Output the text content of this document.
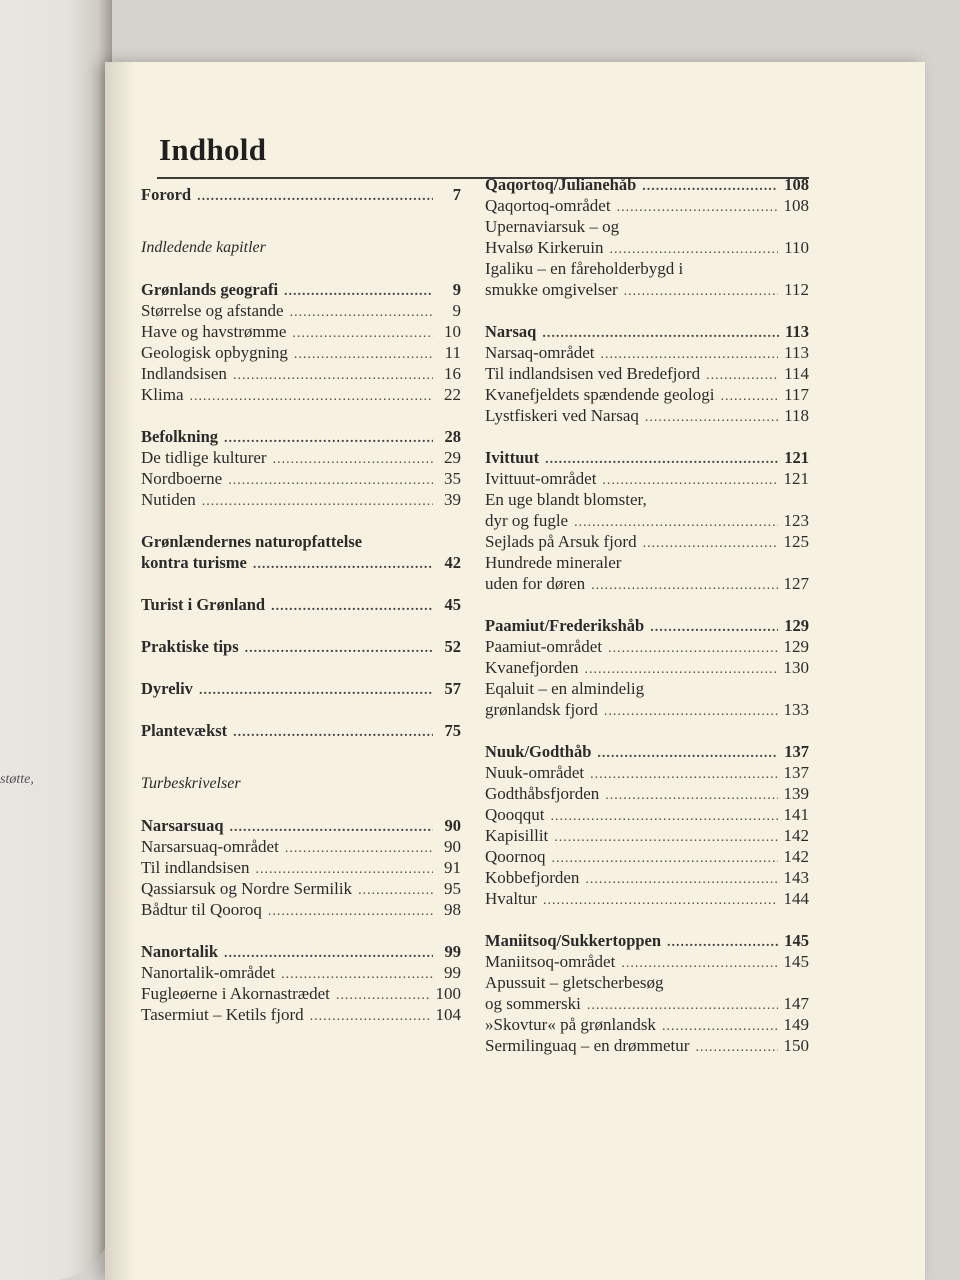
støtte,
Indhold
Forord .....	7
Indledende kapitler
Grønlands geografi .....	9
Størrelse og afstande .....	9
Have og havstrømme .....	10
Geologisk opbygning .....	11
Indlandsisen .....	16
Klima .....	22
Befolkning .....	28
De tidlige kulturer .....	29
Nordboerne .....	35
Nutiden .....	39
Grønlændernes naturopfattelse
kontra turisme .....	42
Turist i Grønland .....	45
Praktiske tips .....	52
Dyreliv .....	57
Plantevækst .....	75
Turbeskrivelser
Narsarsuaq .....	90
Narsarsuaq-området .....	90
Til indlandsisen .....	91
Qassiarsuk og Nordre Sermilik .....	95
Bådtur til Qooroq .....	98
Nanortalik .....	99
Nanortalik-området .....	99
Fugleøerne i Akornastrædet .....	100
Tasermiut – Ketils fjord .....	104
Qaqortoq/Julianehåb .....	108
Qaqortoq-området .....	108
Upernaviarsuk – og
Hvalsø Kirkeruin .....	110
Igaliku – en fåreholderbygd i
smukke omgivelser .....	112
Narsaq .....	113
Narsaq-området .....	113
Til indlandsisen ved Bredefjord .....	114
Kvanefjeldets spændende geologi .....	117
Lystfiskeri ved Narsaq .....	118
Ivittuut .....	121
Ivittuut-området .....	121
En uge blandt blomster,
dyr og fugle .....	123
Sejlads på Arsuk fjord .....	125
Hundrede mineraler
uden for døren .....	127
Paamiut/Frederikshåb .....	129
Paamiut-området .....	129
Kvanefjorden .....	130
Eqaluit – en almindelig
grønlandsk fjord .....	133
Nuuk/Godthåb .....	137
Nuuk-området .....	137
Godthåbsfjorden .....	139
Qooqqut .....	141
Kapisillit .....	142
Qoornoq .....	142
Kobbefjorden .....	143
Hvaltur .....	144
Maniitsoq/Sukkertoppen .....	145
Maniitsoq-området .....	145
Apussuit – gletscherbesøg
og sommerski .....	147
»Skovtur« på grønlandsk .....	149
Sermilinguaq – en drømmetur .....	150
